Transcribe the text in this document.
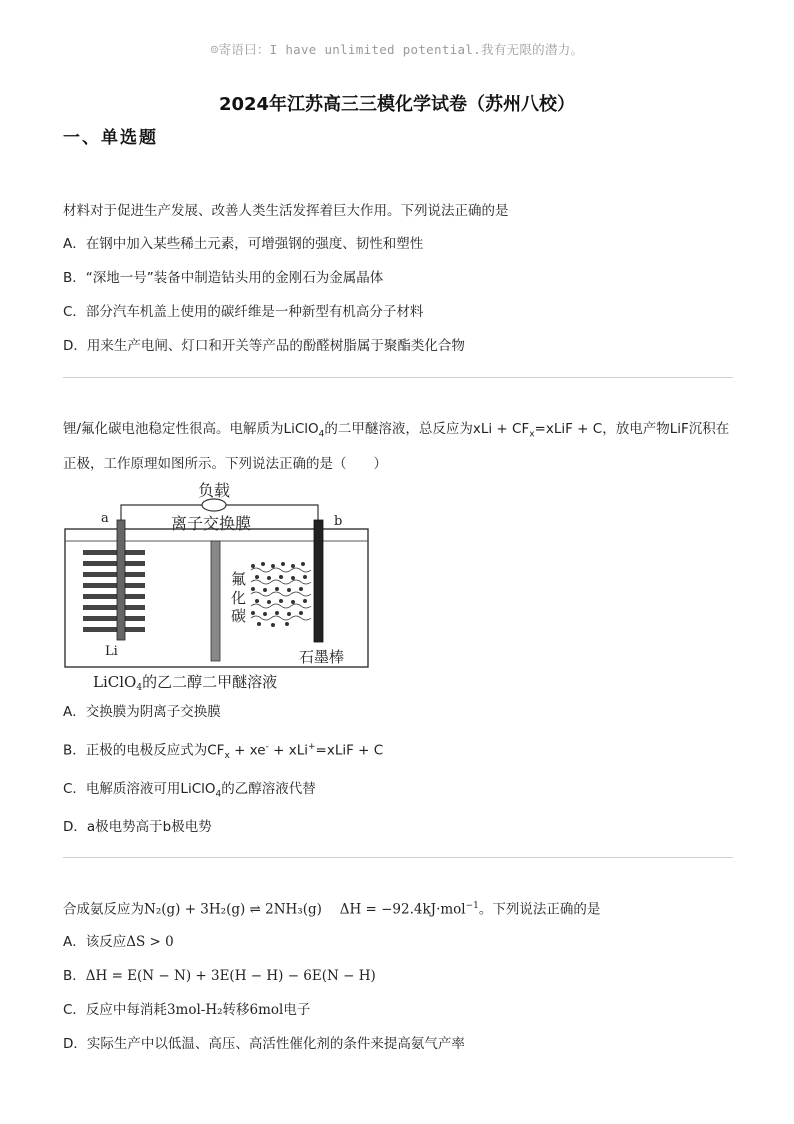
☺寄语曰：I have unlimited potential.我有无限的潜力。
2024年江苏高三三模化学试卷（苏州八校）
一、单选题
材料对于促进生产发展、改善人类生活发挥着巨大作用。下列说法正确的是
A．在钢中加入某些稀土元素，可增强钢的强度、韧性和塑性
B．“深地一号”装备中制造钻头用的金刚石为金属晶体
C．部分汽车机盖上使用的碳纤维是一种新型有机高分子材料
D．用来生产电闸、灯口和开关等产品的酚醛树脂属于聚酯类化合物
锂/氟化碳电池稳定性很高。电解质为LiClO$_4$的二甲醚溶液，总反应为xLi + $CF_x=xLiF + C$，放电产物LiF沉积在
正极，工作原理如图所示。下列说法正确的是（　　）
负载
a	b
离子交换膜
Li
氟
化
碳
石墨棒
LiClO$_4$的乙二醇二甲醚溶液
A．交换膜为阴离子交换膜
B．正极的电极反应式为$CF_x + xe^-$ + xLi+=xLiF + C
C．电解质溶液可用LiClO$_4$的乙醇溶液代替
D．a极电势高于b极电势
合成氨反应为N₂(g) + 3H₂(g) ⇌ 2NH₃(g)　 ΔH = −92.4kJ·mol$^{-1}$。下列说法正确的是
A．该反应ΔS > 0
B．ΔH = E(N − N) + 3E(H − H) − 6E(N − H)
C．反应中每消耗3mol-H₂转移6mol电子
D．实际生产中以低温、高压、高活性催化剂的条件来提高氨气产率
